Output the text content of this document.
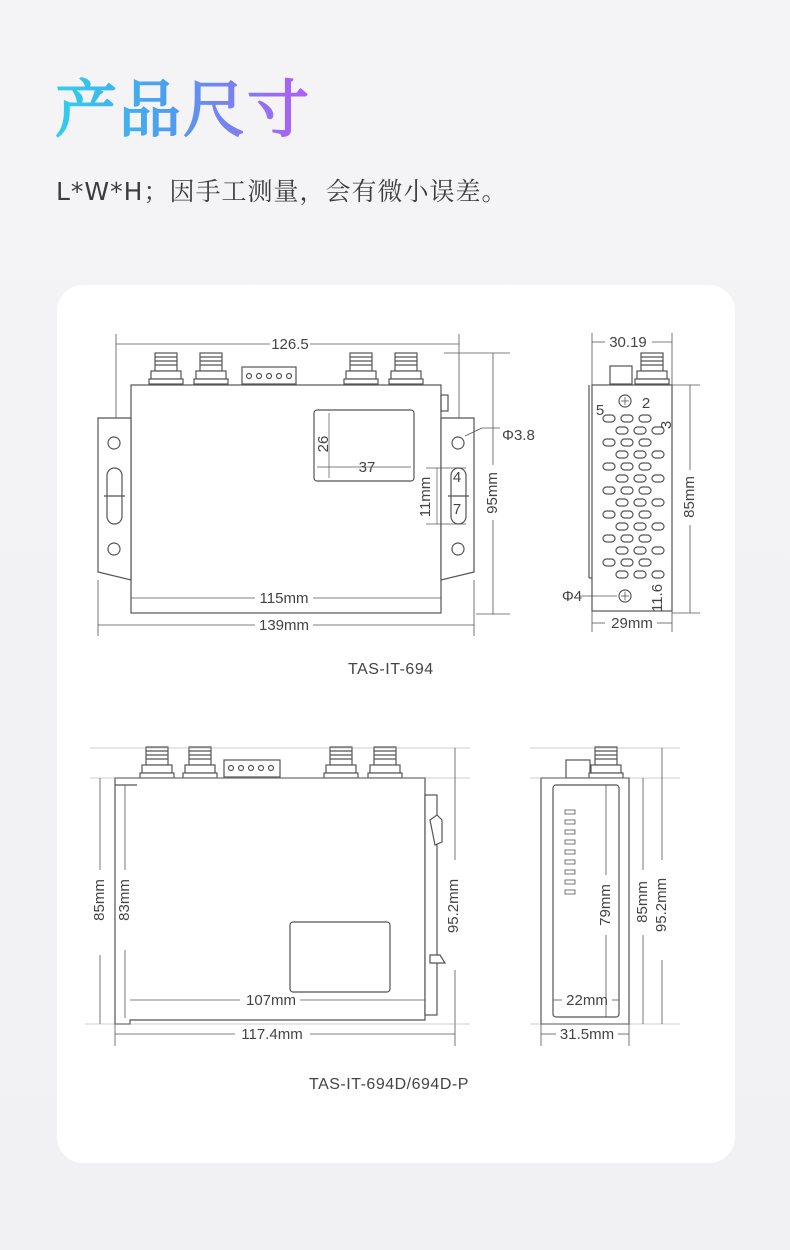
产品尺寸
L*W*H；因手工测量，会有微小误差。
126.5
26
37
Φ3.8
4
7
11mm	95mm
115mm
139mm
30.19
5	2
3
85mm
Φ4	11.6
29mm
85mm 83mm	95.2mm
107mm
117.4mm
79mm 85mm 95.2mm
22mm
31.5mm
TAS-IT-694
TAS-IT-694D/694D-P
